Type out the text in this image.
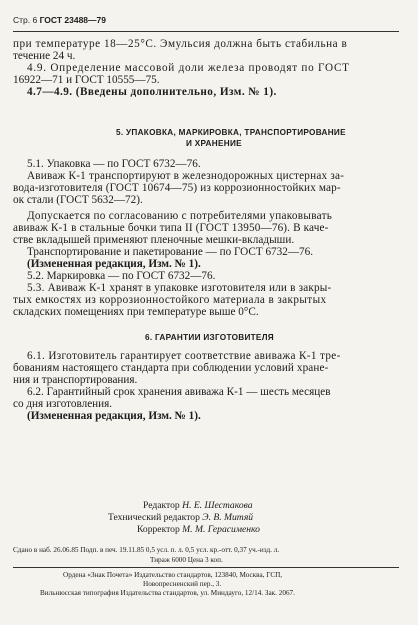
Стр. 6 ГОСТ 23488—79
при температуре 18—25°С. Эмульсия должна быть стабильна в
течение 24 ч.
4.9. Определение массовой доли железа проводят по ГОСТ
16922—71 и ГОСТ 10555—75.
4.7—4.9. (Введены дополнительно, Изм. № 1).
5. УПАКОВКА, МАРКИРОВКА, ТРАНСПОРТИРОВАНИЕ
И ХРАНЕНИЕ
5.1. Упаковка — по ГОСТ 6732—76.
Авиваж К-1 транспортируют в железнодорожных цистернах за-
вода-изготовителя (ГОСТ 10674—75) из коррозионностойких мар-
ок стали (ГОСТ 5632—72).
Допускается по согласованию с потребителями упаковывать
авиваж К-1 в стальные бочки типа II (ГОСТ 13950—76). В каче-
стве вкладышей применяют пленочные мешки-вкладыши.
Транспортирование и пакетирование — по ГОСТ 6732—76.
(Измененная редакция, Изм. № 1).
5.2. Маркировка — по ГОСТ 6732—76.
5.3. Авиваж К-1 хранят в упаковке изготовителя или в закры-
тых емкостях из коррозионностойкого материала в закрытых
складских помещениях при температуре выше 0°С.
6. ГАРАНТИИ ИЗГОТОВИТЕЛЯ
6.1. Изготовитель гарантирует соответствие авиважа К-1 тре-
бованиям настоящего стандарта при соблюдении условий хране-
ния и транспортирования.
6.2. Гарантийный срок хранения авиважа К-1 — шесть месяцев
со дня изготовления.
(Измененная редакция, Изм. № 1).
Редактор Н. Е. Шестакова
Технический редактор Э. В. Митяй
Корректор М. М. Герасименко
Сдано в наб. 26.06.85 Подп. в печ. 19.11.85 0,5 усл. п. л. 0,5 усл. кр.-отт. 0,37 уч.-изд. л.
Тираж 6000 Цена 3 коп.
Ордена «Знак Почета» Издательство стандартов, 123840, Москва, ГСП,
Новопресненский пер., 3.
Вильнюсская типография Издательства стандартов, ул. Миндауго, 12/14. Зак. 2067.
